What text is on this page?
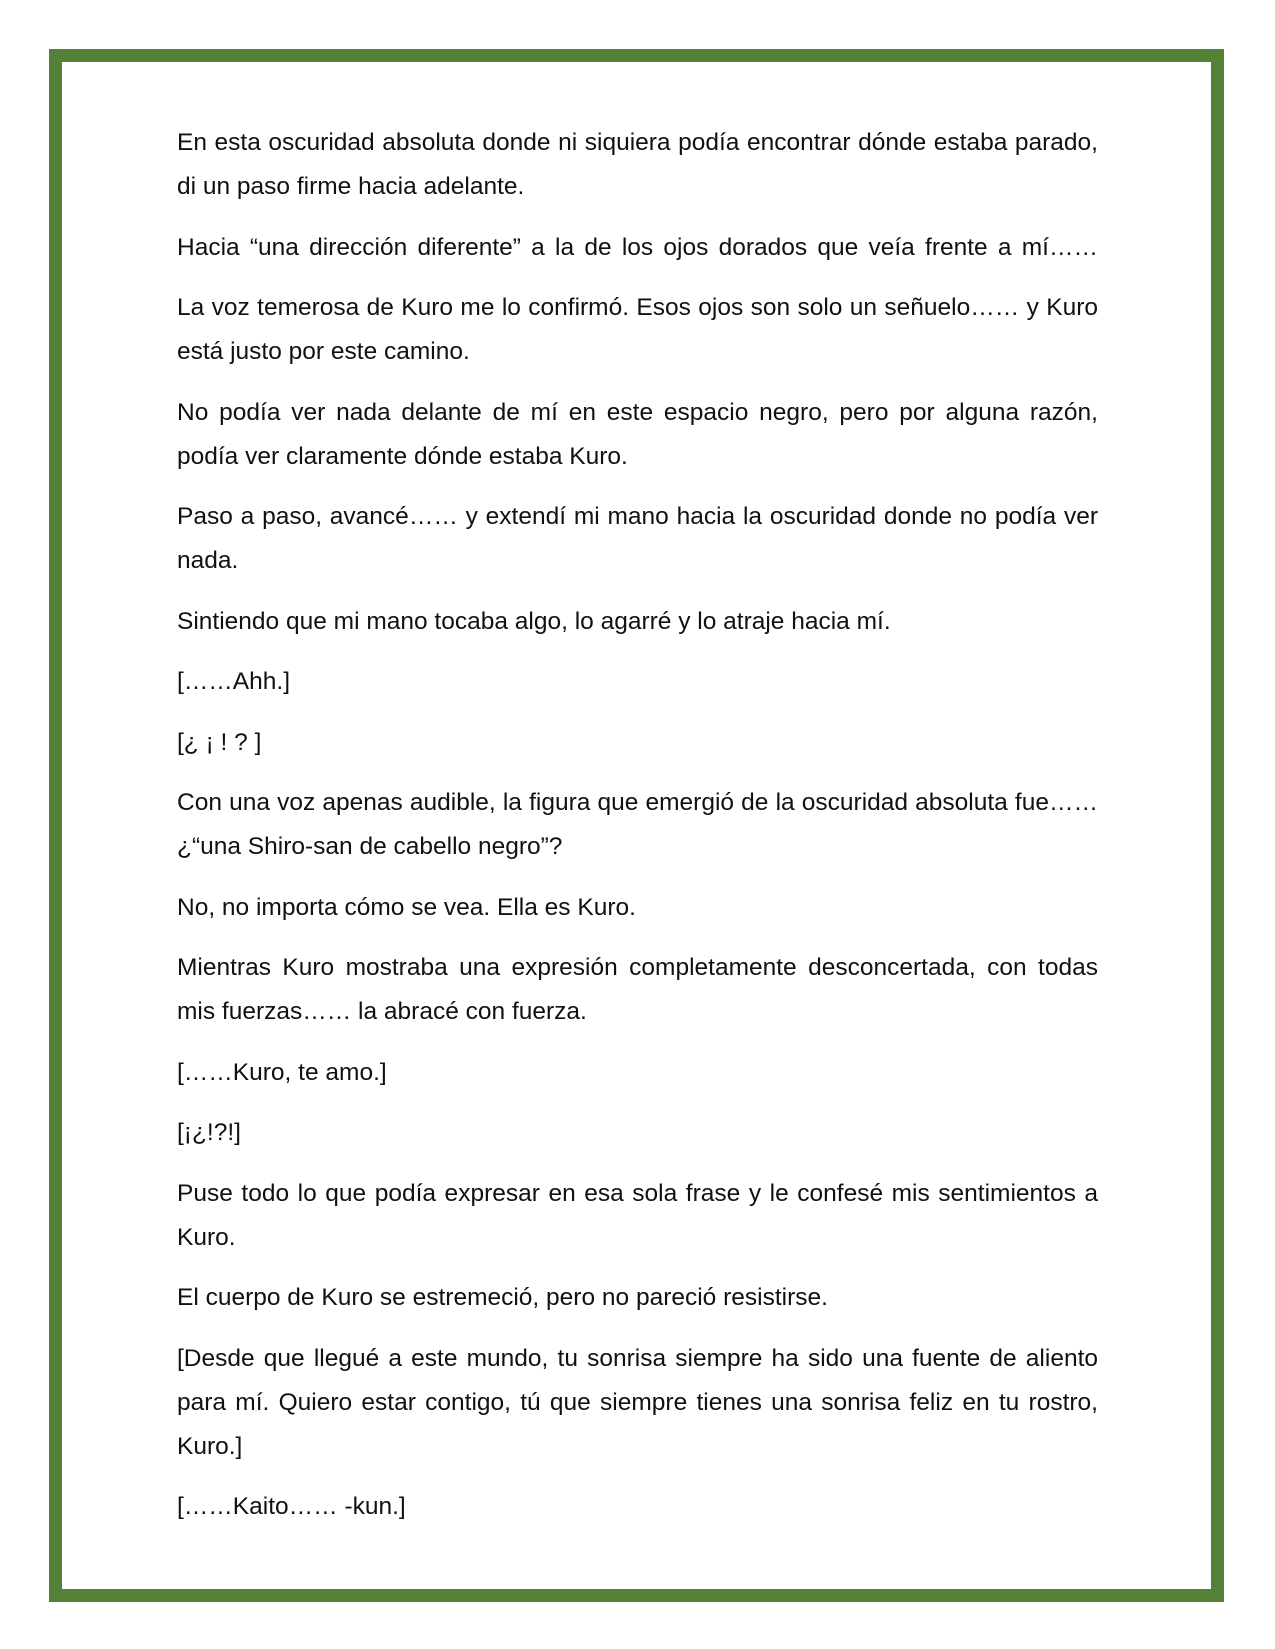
En esta oscuridad absoluta donde ni siquiera podía encontrar dónde estaba parado, di un paso firme hacia adelante.

Hacia “una dirección diferente” a la de los ojos dorados que veía frente a mí……

La voz temerosa de Kuro me lo confirmó. Esos ojos son solo un señuelo…… y Kuro está justo por este camino.

No podía ver nada delante de mí en este espacio negro, pero por alguna razón, podía ver claramente dónde estaba Kuro.

Paso a paso, avancé…… y extendí mi mano hacia la oscuridad donde no podía ver nada.

Sintiendo que mi mano tocaba algo, lo agarré y lo atraje hacia mí.

[……Ahh.]

[¿ ¡ ! ? ]

Con una voz apenas audible, la figura que emergió de la oscuridad absoluta fue…… ¿“una Shiro-san de cabello negro”?

No, no importa cómo se vea. Ella es Kuro.

Mientras Kuro mostraba una expresión completamente desconcertada, con todas mis fuerzas…… la abracé con fuerza.

[……Kuro, te amo.]

[¡¿!?!]

Puse todo lo que podía expresar en esa sola frase y le confesé mis sentimientos a Kuro.

El cuerpo de Kuro se estremeció, pero no pareció resistirse.

[Desde que llegué a este mundo, tu sonrisa siempre ha sido una fuente de aliento para mí. Quiero estar contigo, tú que siempre tienes una sonrisa feliz en tu rostro, Kuro.]

[……Kaito…… -kun.]
